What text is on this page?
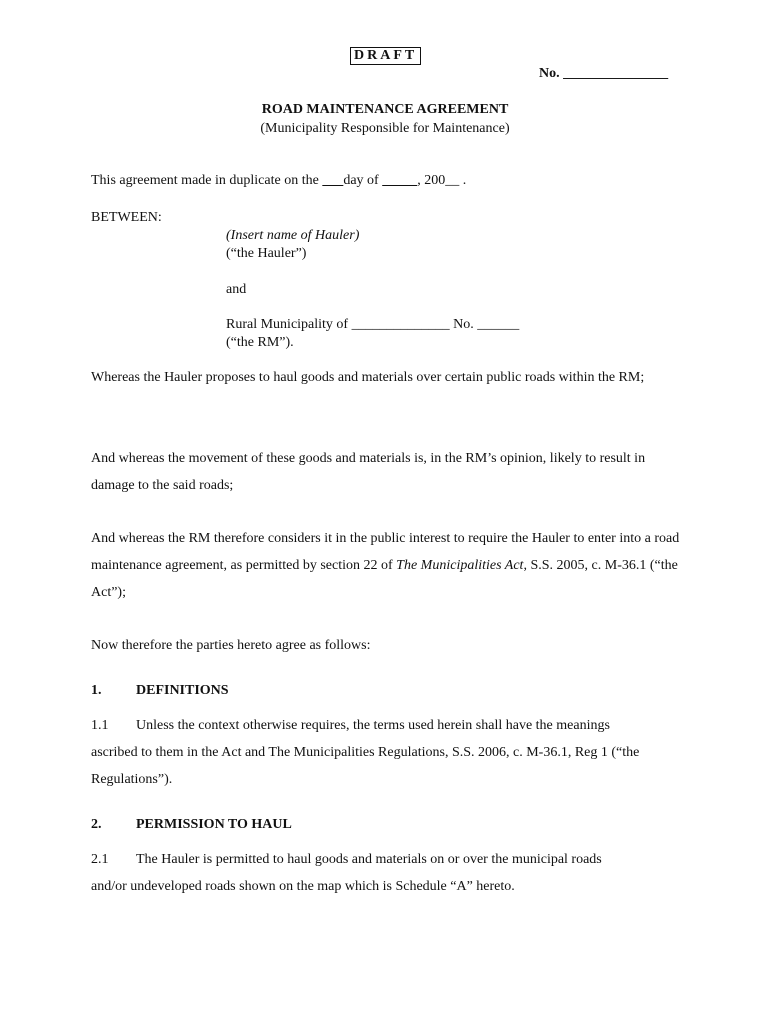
DRAFT
No. _______________
ROAD MAINTENANCE AGREEMENT
(Municipality Responsible for Maintenance)
This agreement made in duplicate on the       day of	, 200__ .
BETWEEN:
(Insert name of Hauler)
(“the Hauler”)
and
Rural Municipality of ______________ No. ______
(“the RM”).
Whereas the Hauler proposes to haul goods and materials over certain public roads within the RM;
And whereas the movement of these goods and materials is, in the RM’s opinion, likely to result in damage to the said roads;
And whereas the RM therefore considers it in the public interest to require the Hauler to enter into a road maintenance agreement, as permitted by section 22 of The Municipalities Act, S.S. 2005, c. M-36.1 (“the Act”);
Now therefore the parties hereto agree as follows:
1. DEFINITIONS
1.1 Unless the context otherwise requires, the terms used herein shall have the meanings
ascribed to them in the Act and The Municipalities Regulations, S.S. 2006, c. M-36.1, Reg 1 (“the Regulations”).
2. PERMISSION TO HAUL
2.1 The Hauler is permitted to haul goods and materials on or over the municipal roads
and/or undeveloped roads shown on the map which is Schedule “A” hereto.
